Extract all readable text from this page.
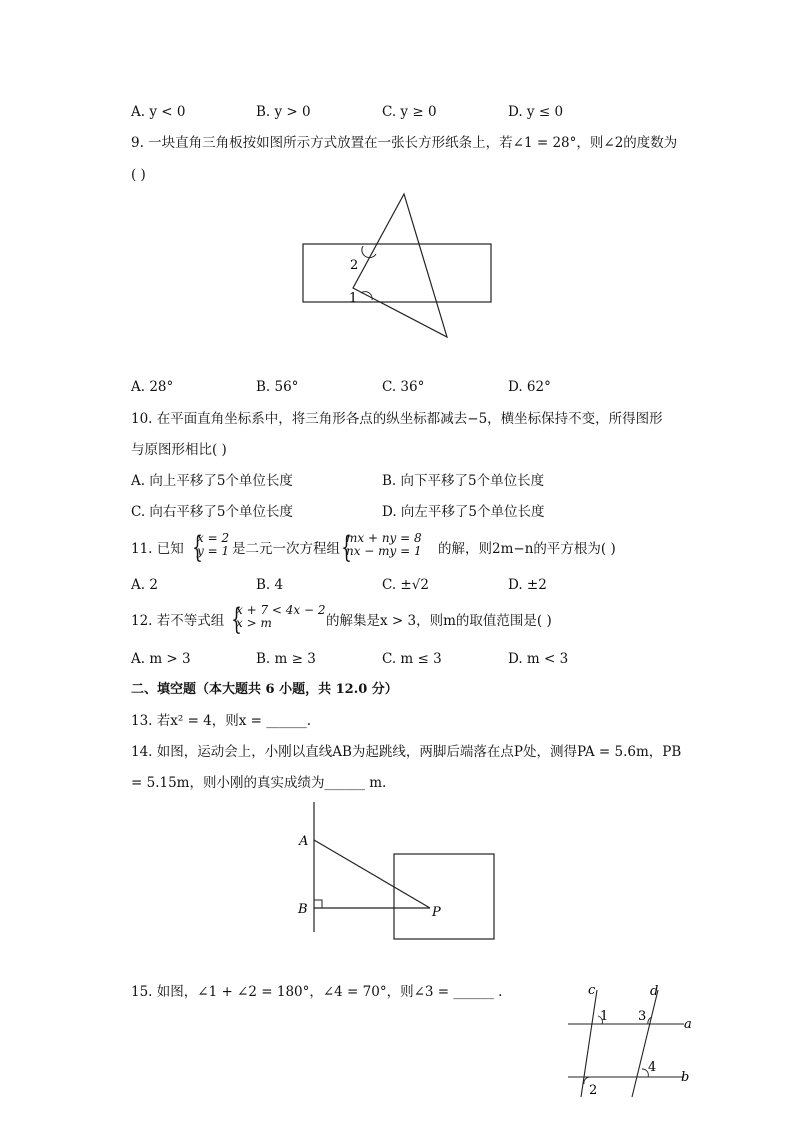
A. y < 0	B. y > 0	C. y ≥ 0	D. y ≤ 0
9. 一块直角三角板按如图所示方式放置在一张长方形纸条上，若∠1 = 28°，则∠2的度数为
( )
2
1
A. 28°	B. 56°	C. 36°	D. 62°
10. 在平面直角坐标系中，将三角形各点的纵坐标都减去−5，横坐标保持不变，所得图形
与原图形相比( )
A. 向上平移了5个单位长度	B. 向下平移了5个单位长度
C. 向右平移了5个单位长度	D. 向左平移了5个单位长度
11. 已知 {
x = 2
y = 1 是二元一次方程组 {
mx + ny = 8
nx − my = 1 的解，则2m−n的平方根为( )
A. 2	B. 4	C. ±√2	D. ±2
12. 若不等式组 {
x + 7 < 4x − 2
x > m	的解集是x > 3，则m的取值范围是( )
A. m > 3	B. m ≥ 3	C. m ≤ 3	D. m < 3
二、填空题（本大题共 6 小题，共 12.0 分）
13. 若x² = 4，则x = ______.
14. 如图，运动会上，小刚以直线AB为起跳线，两脚后端落在点P处，测得PA = 5.6m，PB
= 5.15m，则小刚的真实成绩为______ m.
A
B	P
15. 如图，∠1 + ∠2 = 180°，∠4 = 70°，则∠3 = ______ .	c	d
1 3
a
4
b
2
